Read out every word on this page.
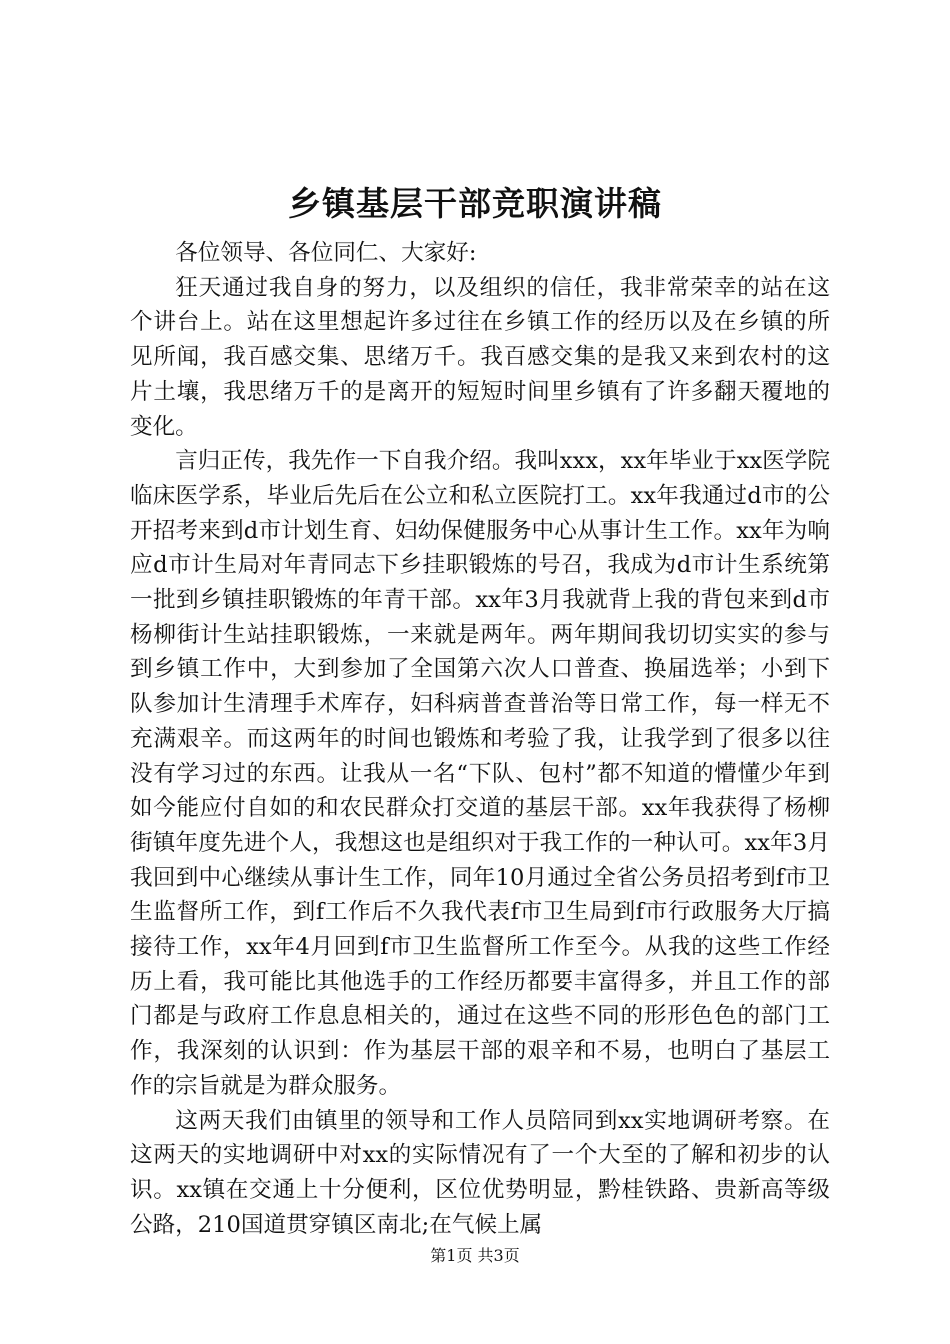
乡镇基层干部竞职演讲稿

各位领导、各位同仁、大家好:

狂天通过我自身的努力，以及组织的信任，我非常荣幸的站在这个讲台上。站在这里想起许多过往在乡镇工作的经历以及在乡镇的所见所闻，我百感交集、思绪万千。我百感交集的是我又来到农村的这片土壤，我思绪万千的是离开的短短时间里乡镇有了许多翻天覆地的变化。

言归正传，我先作一下自我介绍。我叫xxx，xx年毕业于xx医学院临床医学系，毕业后先后在公立和私立医院打工。xx年我通过d市的公开招考来到d市计划生育、妇幼保健服务中心从事计生工作。xx年为响应d市计生局对年青同志下乡挂职锻炼的号召，我成为d市计生系统第一批到乡镇挂职锻炼的年青干部。xx年3月我就背上我的背包来到d市杨柳街计生站挂职锻炼，一来就是两年。两年期间我切切实实的参与到乡镇工作中，大到参加了全国第六次人口普查、换届选举；小到下队参加计生清理手术库存，妇科病普查普治等日常工作，每一样无不充满艰辛。而这两年的时间也锻炼和考验了我，让我学到了很多以往没有学习过的东西。让我从一名“下队、包村”都不知道的懵懂少年到如今能应付自如的和农民群众打交道的基层干部。xx年我获得了杨柳街镇年度先进个人，我想这也是组织对于我工作的一种认可。xx年3月我回到中心继续从事计生工作，同年10月通过全省公务员招考到f市卫生监督所工作，到f工作后不久我代表f市卫生局到f市行政服务大厅搞接待工作，xx年4月回到f市卫生监督所工作至今。从我的这些工作经历上看，我可能比其他选手的工作经历都要丰富得多，并且工作的部门都是与政府工作息息相关的，通过在这些不同的形形色色的部门工作，我深刻的认识到：作为基层干部的艰辛和不易，也明白了基层工作的宗旨就是为群众服务。

这两天我们由镇里的领导和工作人员陪同到xx实地调研考察。在这两天的实地调研中对xx的实际情况有了一个大至的了解和初步的认识。xx镇在交通上十分便利，区位优势明显，黔桂铁路、贵新高等级公路，210国道贯穿镇区南北;在气候上属

第1页 共3页
